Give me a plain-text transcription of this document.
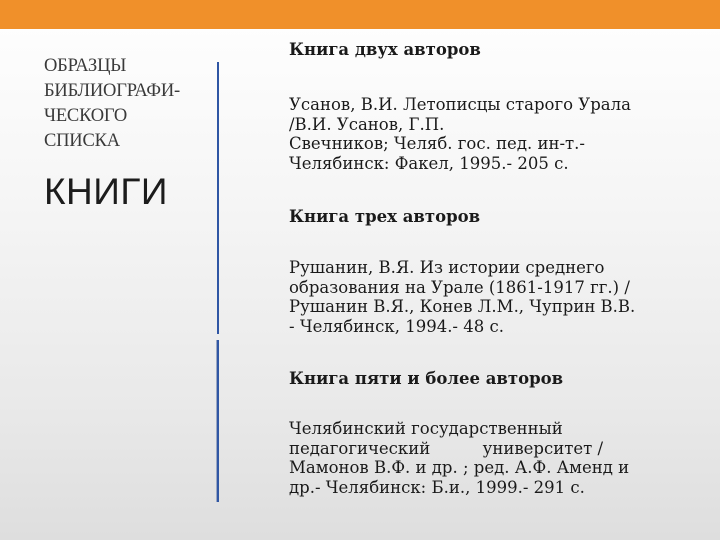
ОБРАЗЦЫ
БИБЛИОГРАФИ-
ЧЕСКОГО
СПИСКА
КНИГИ
Книга двух авторов
Усанов, В.И. Летописцы старого Урала
/В.И. Усанов, Г.П.
Свечников; Челяб. гос. пед. ин-т.-
Челябинск: Факел, 1995.- 205 с.
Книга трех авторов
Рушанин, В.Я. Из истории среднего
образования на Урале (1861-1917 гг.) /
Рушанин В.Я., Конев Л.М., Чуприн В.В.
- Челябинск, 1994.- 48 с.
Книга пяти и более авторов
Челябинский государственный
педагогический          университет /
Мамонов В.Ф. и др. ; ред. А.Ф. Аменд и
др.- Челябинск: Б.и., 1999.- 291 с.
